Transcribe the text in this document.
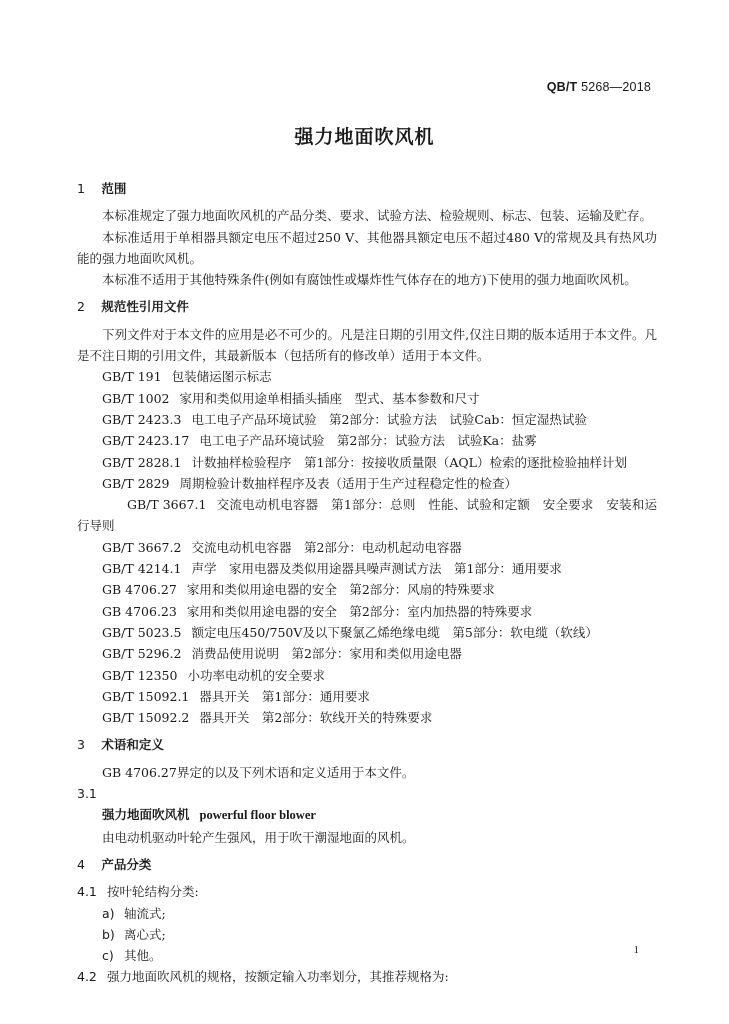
QB/T 5268—2018
强力地面吹风机

1 范围

本标准规定了强力地面吹风机的产品分类、要求、试验方法、检验规则、标志、包装、运输及贮存。

本标准适用于单相器具额定电压不超过250 V、其他器具额定电压不超过480 V的常规及具有热风功能的强力地面吹风机。

本标准不适用于其他特殊条件(例如有腐蚀性或爆炸性气体存在的地方)下使用的强力地面吹风机。

2 规范性引用文件

下列文件对于本文件的应用是必不可少的。凡是注日期的引用文件,仅注日期的版本适用于本文件。凡是不注日期的引用文件，其最新版本（包括所有的修改单）适用于本文件。

GB/T 191 包装储运图示标志
GB/T 1002 家用和类似用途单相插头插座　型式、基本参数和尺寸
GB/T 2423.3 电工电子产品环境试验　第2部分：试验方法　试验Cab：恒定湿热试验
GB/T 2423.17 电工电子产品环境试验　第2部分：试验方法　试验Ka：盐雾
GB/T 2828.1 计数抽样检验程序　第1部分：按接收质量限（AQL）检索的逐批检验抽样计划
GB/T 2829 周期检验计数抽样程序及表（适用于生产过程稳定性的检查）
GB/T 3667.1 交流电动机电容器　第1部分：总则　性能、试验和定额　安全要求　安装和运行导则
GB/T 3667.2 交流电动机电容器　第2部分：电动机起动电容器
GB/T 4214.1 声学　家用电器及类似用途器具噪声测试方法　第1部分：通用要求
GB 4706.27 家用和类似用途电器的安全　第2部分：风扇的特殊要求
GB 4706.23 家用和类似用途电器的安全　第2部分：室内加热器的特殊要求
GB/T 5023.5 额定电压450/750V及以下聚氯乙烯绝缘电缆　第5部分：软电缆（软线）
GB/T 5296.2 消费品使用说明　第2部分：家用和类似用途电器
GB/T 12350 小功率电动机的安全要求
GB/T 15092.1 器具开关　第1部分：通用要求
GB/T 15092.2 器具开关　第2部分：软线开关的特殊要求

3 术语和定义

GB 4706.27界定的以及下列术语和定义适用于本文件。

3.1

强力地面吹风机 powerful floor blower

由电动机驱动叶轮产生强风，用于吹干潮湿地面的风机。

4 产品分类

4.1 按叶轮结构分类:

a) 轴流式;
b) 离心式;
c) 其他。

4.2 强力地面吹风机的规格，按额定输入功率划分，其推荐规格为:

1
